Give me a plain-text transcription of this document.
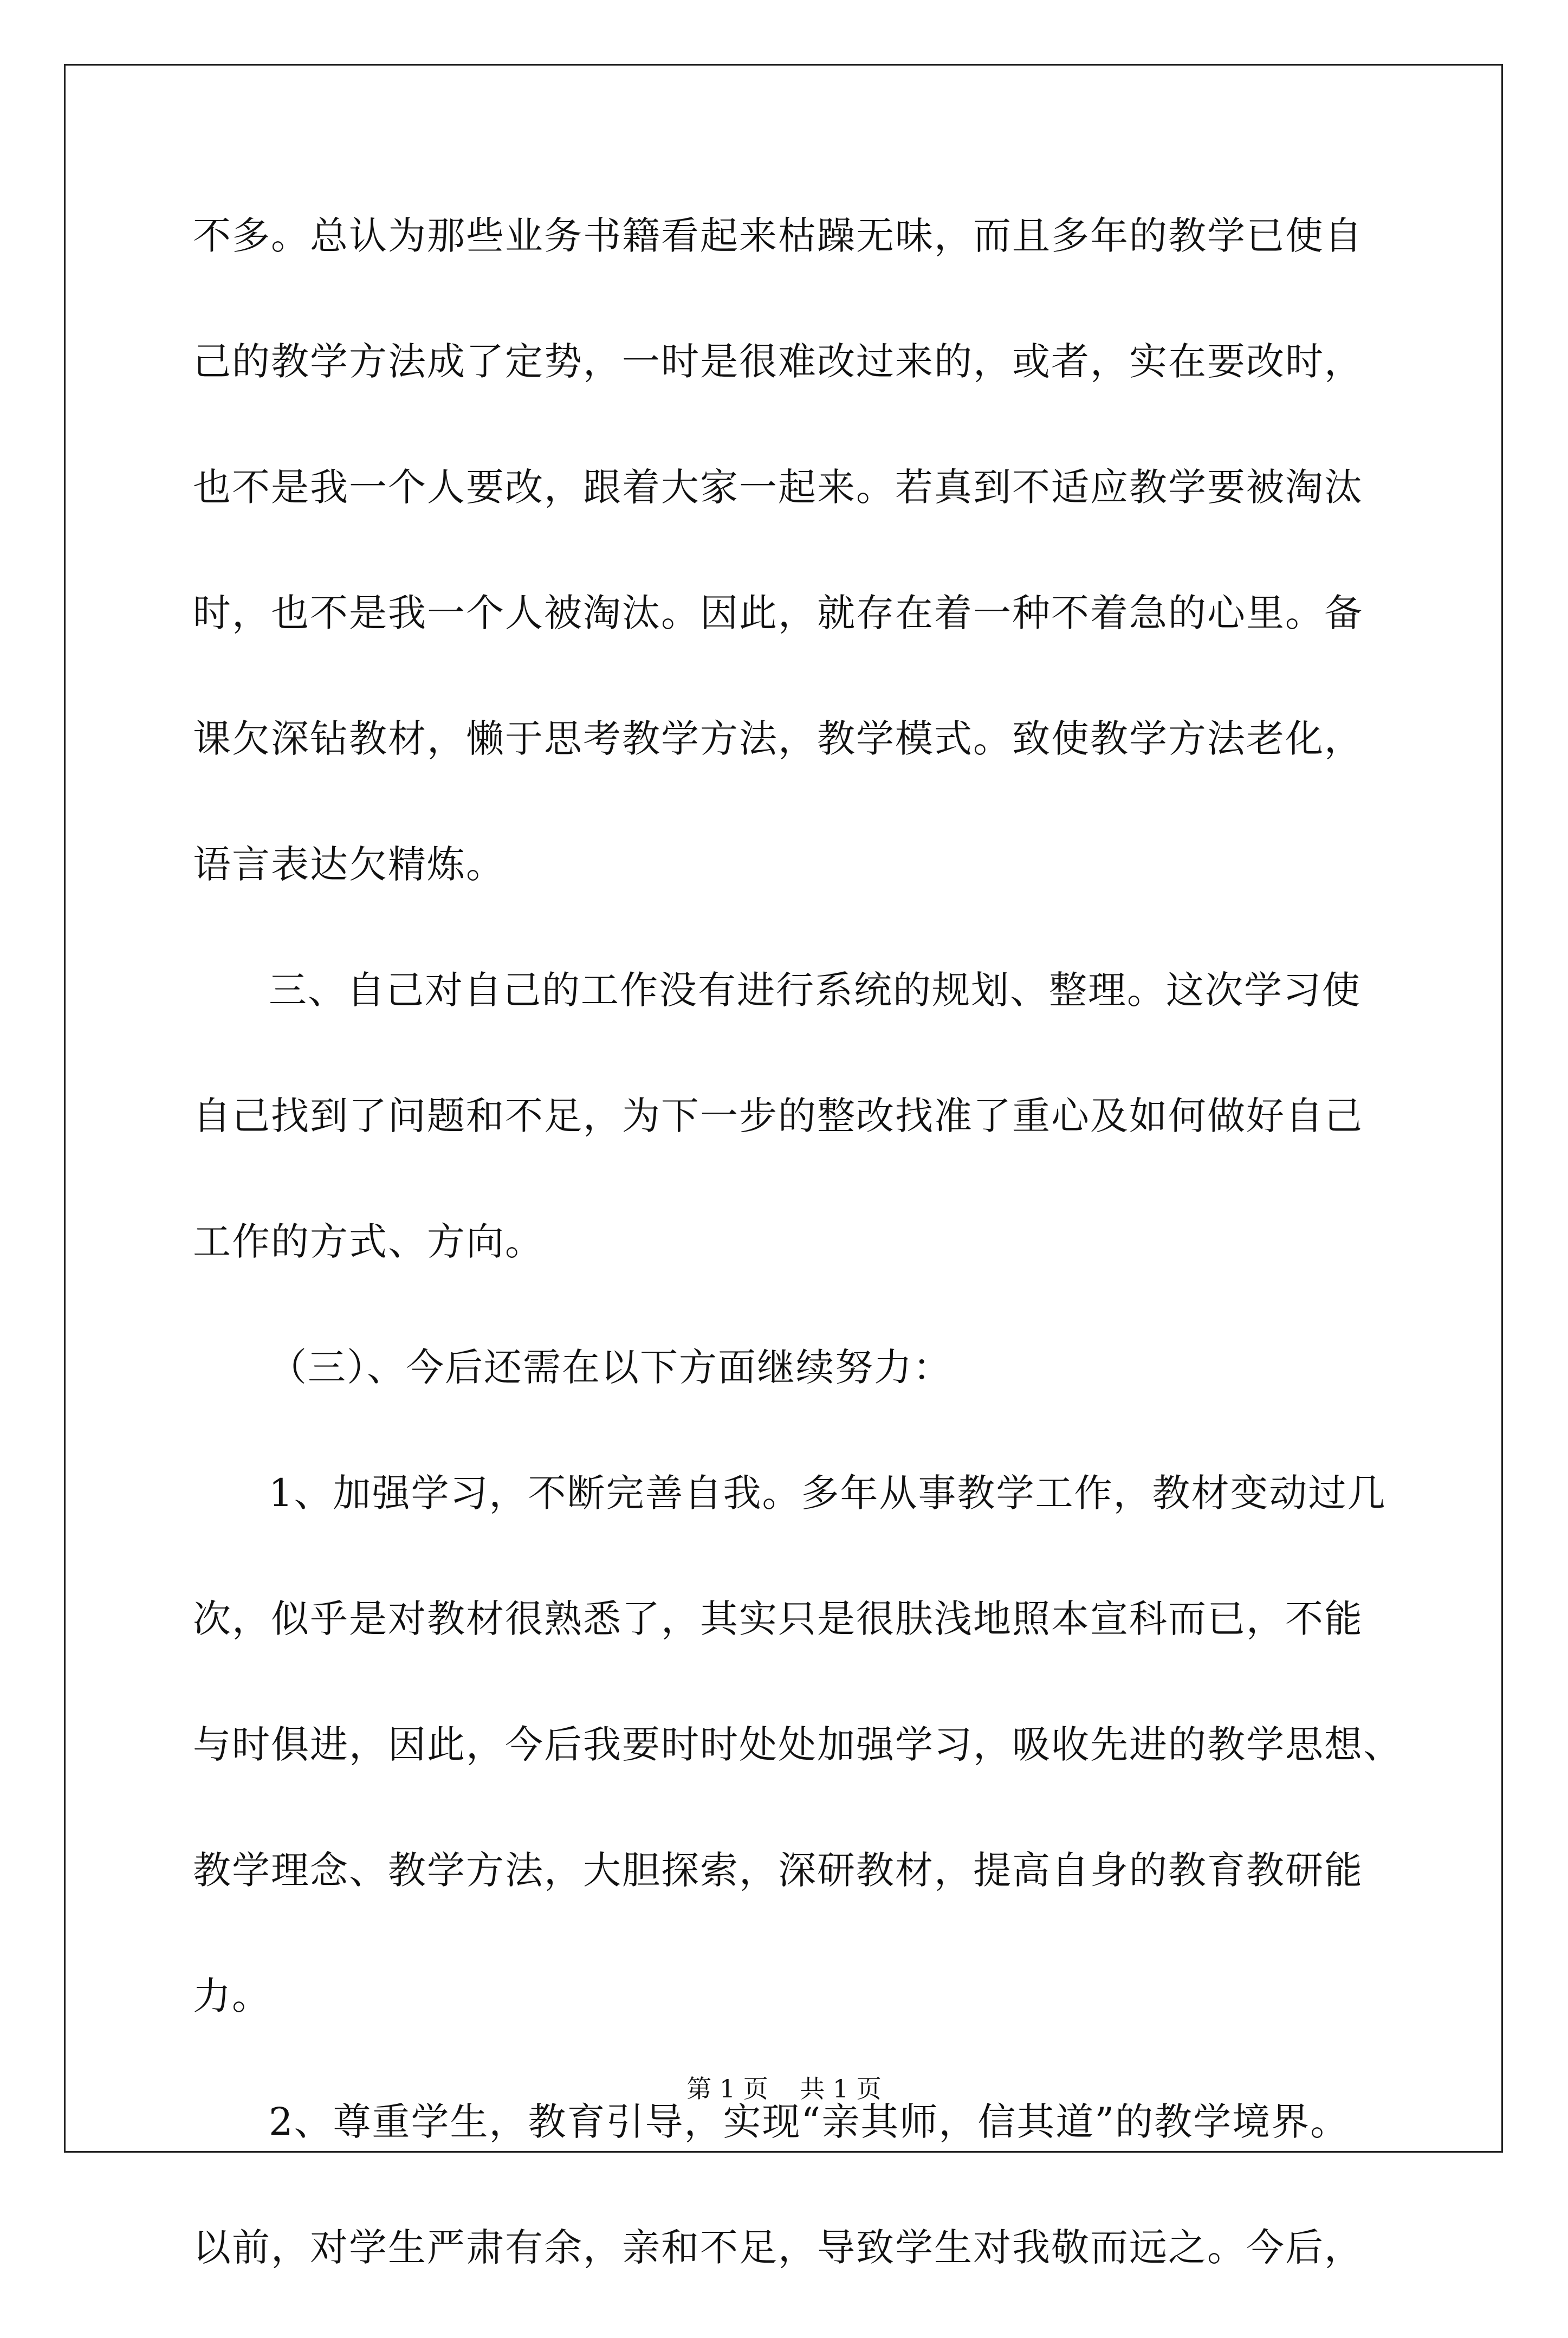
不多。总认为那些业务书籍看起来枯躁无味，而且多年的教学已使自
己的教学方法成了定势，一时是很难改过来的，或者，实在要改时，
也不是我一个人要改，跟着大家一起来。若真到不适应教学要被淘汰
时，也不是我一个人被淘汰。因此，就存在着一种不着急的心里。备
课欠深钻教材，懒于思考教学方法，教学模式。致使教学方法老化，
语言表达欠精炼。
三、自己对自己的工作没有进行系统的规划、整理。这次学习使
自己找到了问题和不足，为下一步的整改找准了重心及如何做好自己
工作的方式、方向。
（三）、今后还需在以下方面继续努力：
1、加强学习，不断完善自我。多年从事教学工作，教材变动过几
次，似乎是对教材很熟悉了，其实只是很肤浅地照本宣科而已，不能
与时俱进，因此，今后我要时时处处加强学习，吸收先进的教学思想、
教学理念、教学方法，大胆探索，深研教材，提高自身的教育教研能
力。
2、尊重学生，教育引导，实现“亲其师，信其道”的教学境界。
以前，对学生严肃有余，亲和不足，导致学生对我敬而远之。今后，
第 1 页    共 1 页
